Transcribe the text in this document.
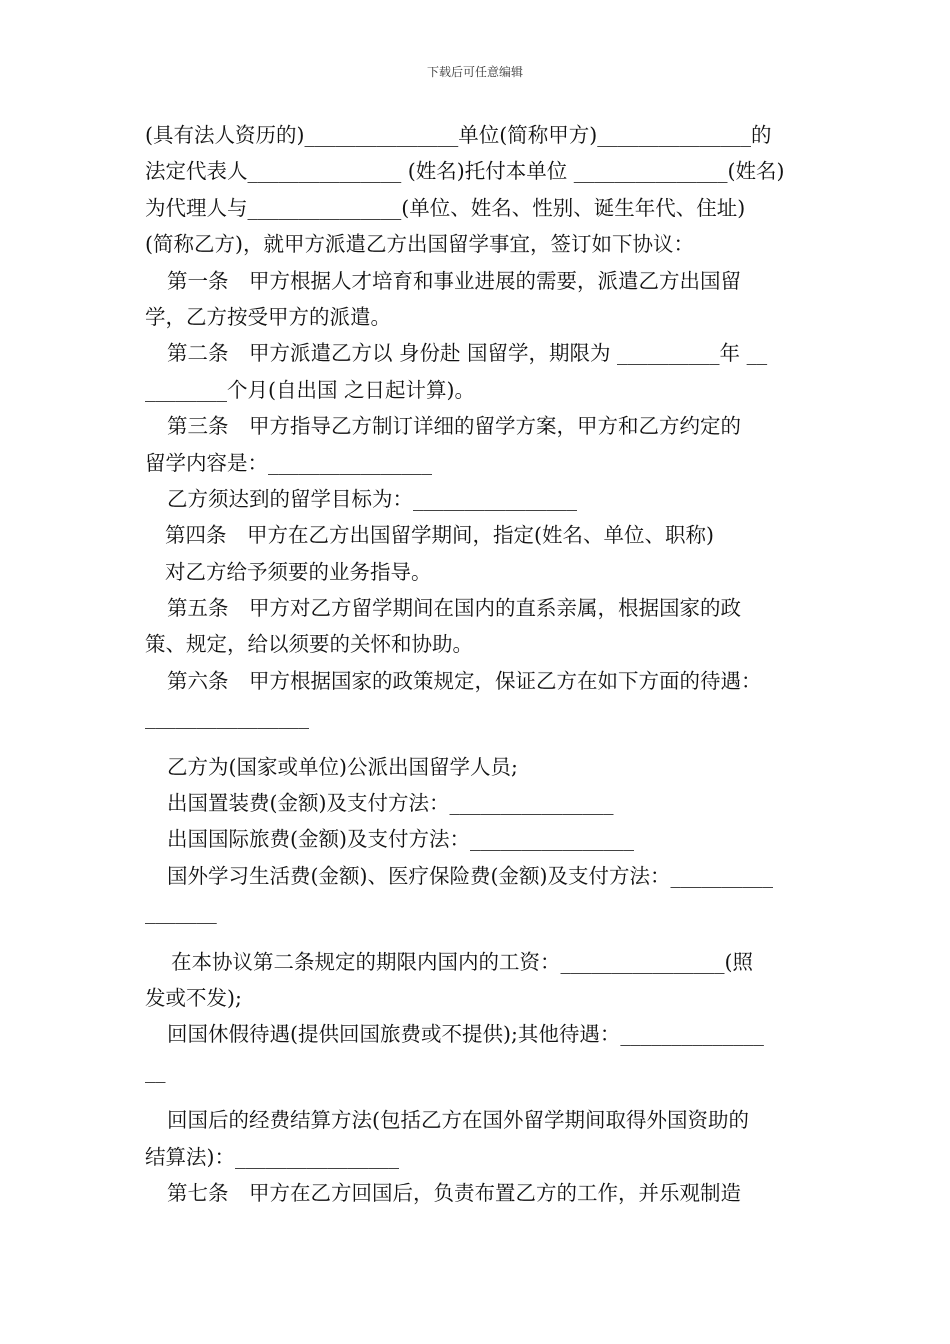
下载后可任意编辑
(具有法人资历的)_______________单位(简称甲方)_______________的
法定代表人_______________ (姓名)托付本单位 _______________(姓名)
为代理人与_______________(单位、姓名、性别、诞生年代、住址)
(简称乙方)，就甲方派遣乙方出国留学事宜，签订如下协议：
第一条　甲方根据人才培育和事业进展的需要，派遣乙方出国留
学，乙方按受甲方的派遣。
第二条　甲方派遣乙方以 身份赴 国留学，期限为 __________年 __
________个月(自出国 之日起计算)。
第三条　甲方指导乙方制订详细的留学方案，甲方和乙方约定的
留学内容是：________________
乙方须达到的留学目标为：________________
第四条　甲方在乙方出国留学期间，指定(姓名、单位、职称)
对乙方给予须要的业务指导。
第五条　甲方对乙方留学期间在国内的直系亲属，根据国家的政
策、规定，给以须要的关怀和协助。
第六条　甲方根据国家的政策规定，保证乙方在如下方面的待遇：
________________
乙方为(国家或单位)公派出国留学人员;
出国置装费(金额)及支付方法：________________
出国国际旅费(金额)及支付方法：________________
国外学习生活费(金额)、医疗保险费(金额)及支付方法：__________
_______
在本协议第二条规定的期限内国内的工资：________________(照
发或不发);
回国休假待遇(提供回国旅费或不提供);其他待遇：______________
__
回国后的经费结算方法(包括乙方在国外留学期间取得外国资助的
结算法)：________________
第七条　甲方在乙方回国后，负责布置乙方的工作，并乐观制造
